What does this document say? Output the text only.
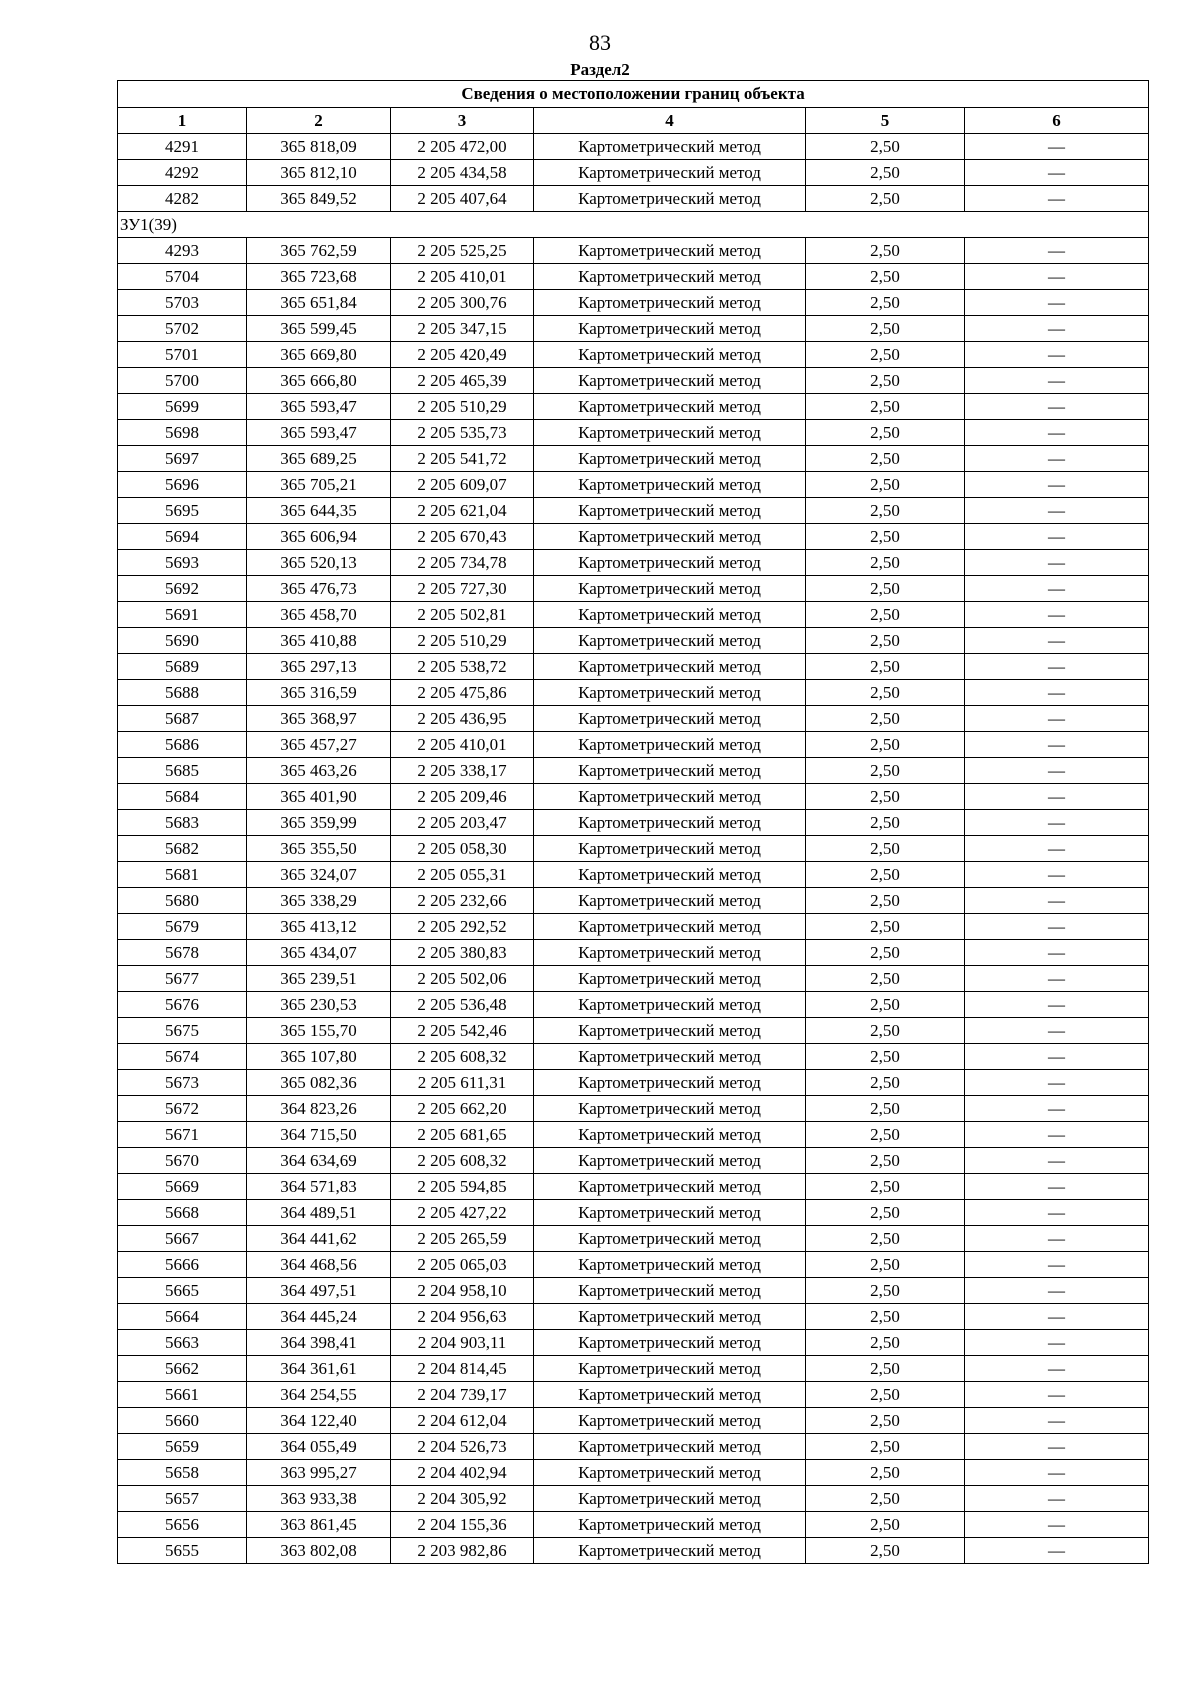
83
Раздел2
Сведения о местоположении границ объекта					
1	2	3	4	5	6
4291	365 818,09	2 205 472,00	Картометрический метод	2,50	—
4292	365 812,10	2 205 434,58	Картометрический метод	2,50	—
4282	365 849,52	2 205 407,64	Картометрический метод	2,50	—
ЗУ1(39)					
4293	365 762,59	2 205 525,25	Картометрический метод	2,50	—
5704	365 723,68	2 205 410,01	Картометрический метод	2,50	—
5703	365 651,84	2 205 300,76	Картометрический метод	2,50	—
5702	365 599,45	2 205 347,15	Картометрический метод	2,50	—
5701	365 669,80	2 205 420,49	Картометрический метод	2,50	—
5700	365 666,80	2 205 465,39	Картометрический метод	2,50	—
5699	365 593,47	2 205 510,29	Картометрический метод	2,50	—
5698	365 593,47	2 205 535,73	Картометрический метод	2,50	—
5697	365 689,25	2 205 541,72	Картометрический метод	2,50	—
5696	365 705,21	2 205 609,07	Картометрический метод	2,50	—
5695	365 644,35	2 205 621,04	Картометрический метод	2,50	—
5694	365 606,94	2 205 670,43	Картометрический метод	2,50	—
5693	365 520,13	2 205 734,78	Картометрический метод	2,50	—
5692	365 476,73	2 205 727,30	Картометрический метод	2,50	—
5691	365 458,70	2 205 502,81	Картометрический метод	2,50	—
5690	365 410,88	2 205 510,29	Картометрический метод	2,50	—
5689	365 297,13	2 205 538,72	Картометрический метод	2,50	—
5688	365 316,59	2 205 475,86	Картометрический метод	2,50	—
5687	365 368,97	2 205 436,95	Картометрический метод	2,50	—
5686	365 457,27	2 205 410,01	Картометрический метод	2,50	—
5685	365 463,26	2 205 338,17	Картометрический метод	2,50	—
5684	365 401,90	2 205 209,46	Картометрический метод	2,50	—
5683	365 359,99	2 205 203,47	Картометрический метод	2,50	—
5682	365 355,50	2 205 058,30	Картометрический метод	2,50	—
5681	365 324,07	2 205 055,31	Картометрический метод	2,50	—
5680	365 338,29	2 205 232,66	Картометрический метод	2,50	—
5679	365 413,12	2 205 292,52	Картометрический метод	2,50	—
5678	365 434,07	2 205 380,83	Картометрический метод	2,50	—
5677	365 239,51	2 205 502,06	Картометрический метод	2,50	—
5676	365 230,53	2 205 536,48	Картометрический метод	2,50	—
5675	365 155,70	2 205 542,46	Картометрический метод	2,50	—
5674	365 107,80	2 205 608,32	Картометрический метод	2,50	—
5673	365 082,36	2 205 611,31	Картометрический метод	2,50	—
5672	364 823,26	2 205 662,20	Картометрический метод	2,50	—
5671	364 715,50	2 205 681,65	Картометрический метод	2,50	—
5670	364 634,69	2 205 608,32	Картометрический метод	2,50	—
5669	364 571,83	2 205 594,85	Картометрический метод	2,50	—
5668	364 489,51	2 205 427,22	Картометрический метод	2,50	—
5667	364 441,62	2 205 265,59	Картометрический метод	2,50	—
5666	364 468,56	2 205 065,03	Картометрический метод	2,50	—
5665	364 497,51	2 204 958,10	Картометрический метод	2,50	—
5664	364 445,24	2 204 956,63	Картометрический метод	2,50	—
5663	364 398,41	2 204 903,11	Картометрический метод	2,50	—
5662	364 361,61	2 204 814,45	Картометрический метод	2,50	—
5661	364 254,55	2 204 739,17	Картометрический метод	2,50	—
5660	364 122,40	2 204 612,04	Картометрический метод	2,50	—
5659	364 055,49	2 204 526,73	Картометрический метод	2,50	—
5658	363 995,27	2 204 402,94	Картометрический метод	2,50	—
5657	363 933,38	2 204 305,92	Картометрический метод	2,50	—
5656	363 861,45	2 204 155,36	Картометрический метод	2,50	—
5655	363 802,08	2 203 982,86	Картометрический метод	2,50	—
